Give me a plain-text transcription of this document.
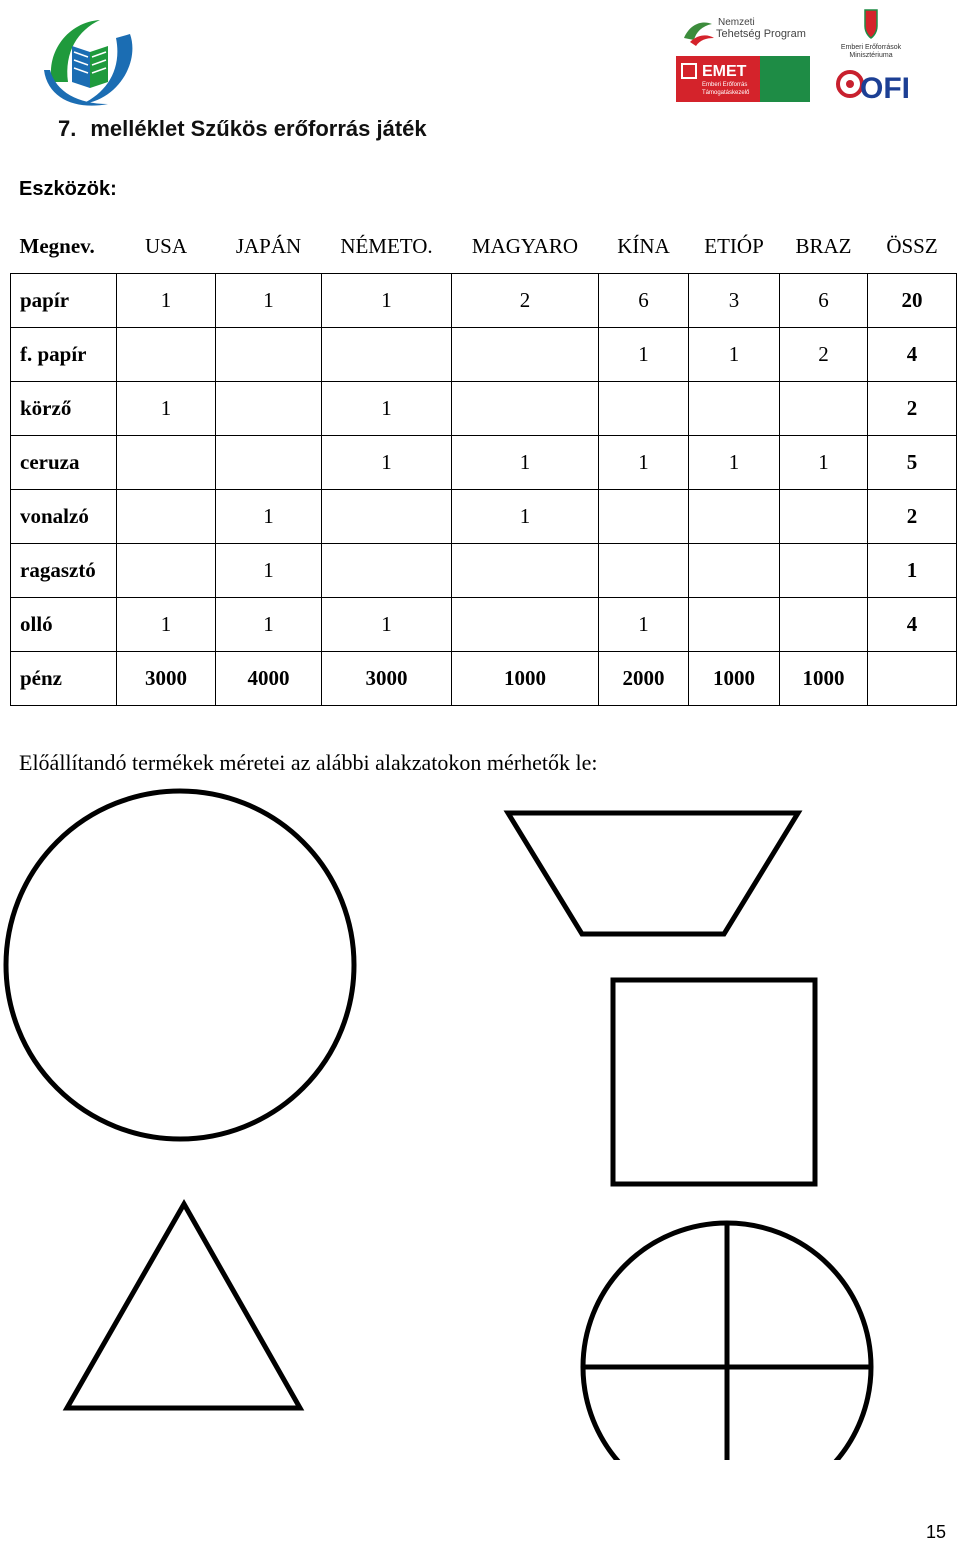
Nemzeti
Tehetség Program
EMET
Emberi Erőforrás
Támogatáskezelő
Emberi Erőforrások
Minisztériuma
OFI
7. melléklet Szűkös erőforrás játék
Eszközök:
Megnev.	USA	JAPÁN	NÉMETO.	MAGYARO	KÍNA	ETIÓP	BRAZ	ÖSSZ
papír	1	1	1	2	6	3	6	20
f. papír					1	1	2	4
körző	1		1					2
ceruza			1	1	1	1	1	5
vonalzó		1		1				2
ragasztó		1						1
olló	1	1	1		1			4
pénz	3000	4000	3000	1000	2000	1000	1000	
Előállítandó termékek méretei az alábbi alakzatokon mérhetők le:
15
